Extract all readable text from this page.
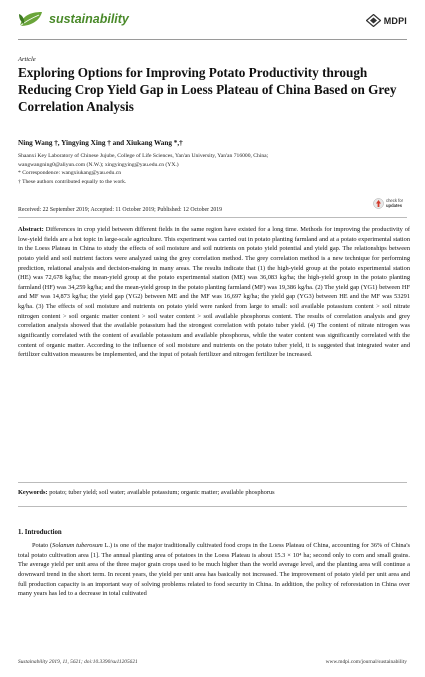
sustainability	MDPI
Article
Exploring Options for Improving Potato Productivity through Reducing Crop Yield Gap in Loess Plateau of China Based on Grey Correlation Analysis
Ning Wang †, Yingying Xing † and Xiukang Wang *,†
Shaanxi Key Laboratory of Chinese Jujube, College of Life Sciences, Yan'an University, Yan'an 716000, China;
wangwangning0@aliyun.com (N.W.); xingyingying@yau.edu.cn (YX.)
* Correspondence: wangxiukang@yau.edu.cn
† These authors contributed equally to the work.
check for
updates
Received: 22 September 2019; Accepted: 11 October 2019; Published: 12 October 2019

Abstract: Differences in crop yield between different fields in the same region have existed for a long time. Methods for improving the productivity of low-yield fields are a hot topic in large-scale agriculture. This experiment was carried out in potato planting farmland and at a potato experimental station in the Loess Plateau in China to study the effects of soil moisture and soil nutrients on potato yield potential and yield gap. The relationships between potato yield and soil nutrient factors were analyzed using the grey correlation method. The grey correlation method is a new technique for performing prediction, relational analysis and decision-making in many areas. The results indicate that (1) the high-yield group at the potato experimental station (HE) was 72,678 kg/ha; the mean-yield group at the potato experimental station (ME) was 36,083 kg/ha; the high-yield group in the potato planting farmland (HF) was 34,259 kg/ha; and the mean-yield group in the potato planting farmland (MF) was 19,386 kg/ha. (2) The yield gap (YG1) between HF and MF was 14,873 kg/ha; the yield gap (YG2) between ME and the MF was 16,697 kg/ha; the yield gap (YG3) between HE and the MF was 53291 kg/ha. (3) The effects of soil moisture and nutrients on potato yield were ranked from large to small: soil available potassium content > soil nitrate nitrogen content > soil organic matter content > soil water content > soil available phosphorus content. The results of correlation analysis and grey correlation analysis showed that the available potassium had the strongest correlation with potato tuber yield. (4) The content of nitrate nitrogen was significantly correlated with the content of available potassium and available phosphorus, while the water content was significantly correlated with the content of organic matter. According to the influence of soil moisture and nutrients on the potato tuber yield, it is suggested that integrated water and fertilizer cultivation measures be implemented, and the input of potash fertilizer and nitrogen fertilizer be increased.

Keywords: potato; tuber yield; soil water; available potassium; organic matter; available phosphorus
1. Introduction

Potato (Solanum tuberosum L.) is one of the major traditionally cultivated food crops in the Loess Plateau of China, accounting for 36% of China's total potato cultivation area [1]. The annual planting area of potatoes in the Loess Plateau is about 15.3 × 10⁴ ha; second only to corn and small grains. The average yield per unit area of the three major grain crops used to be much higher than the world average level, and the planting area will continue a downward trend in the short term. In recent years, the yield per unit area has basically not increased. The improvement of potato yield per unit area and full production capacity is an important way of solving problems related to food security in China. In addition, the policy of reforestation in China over many years has led to a decrease in total cultivated

Sustainability 2019, 11, 5621; doi:10.3390/su11205621	www.mdpi.com/journal/sustainability
